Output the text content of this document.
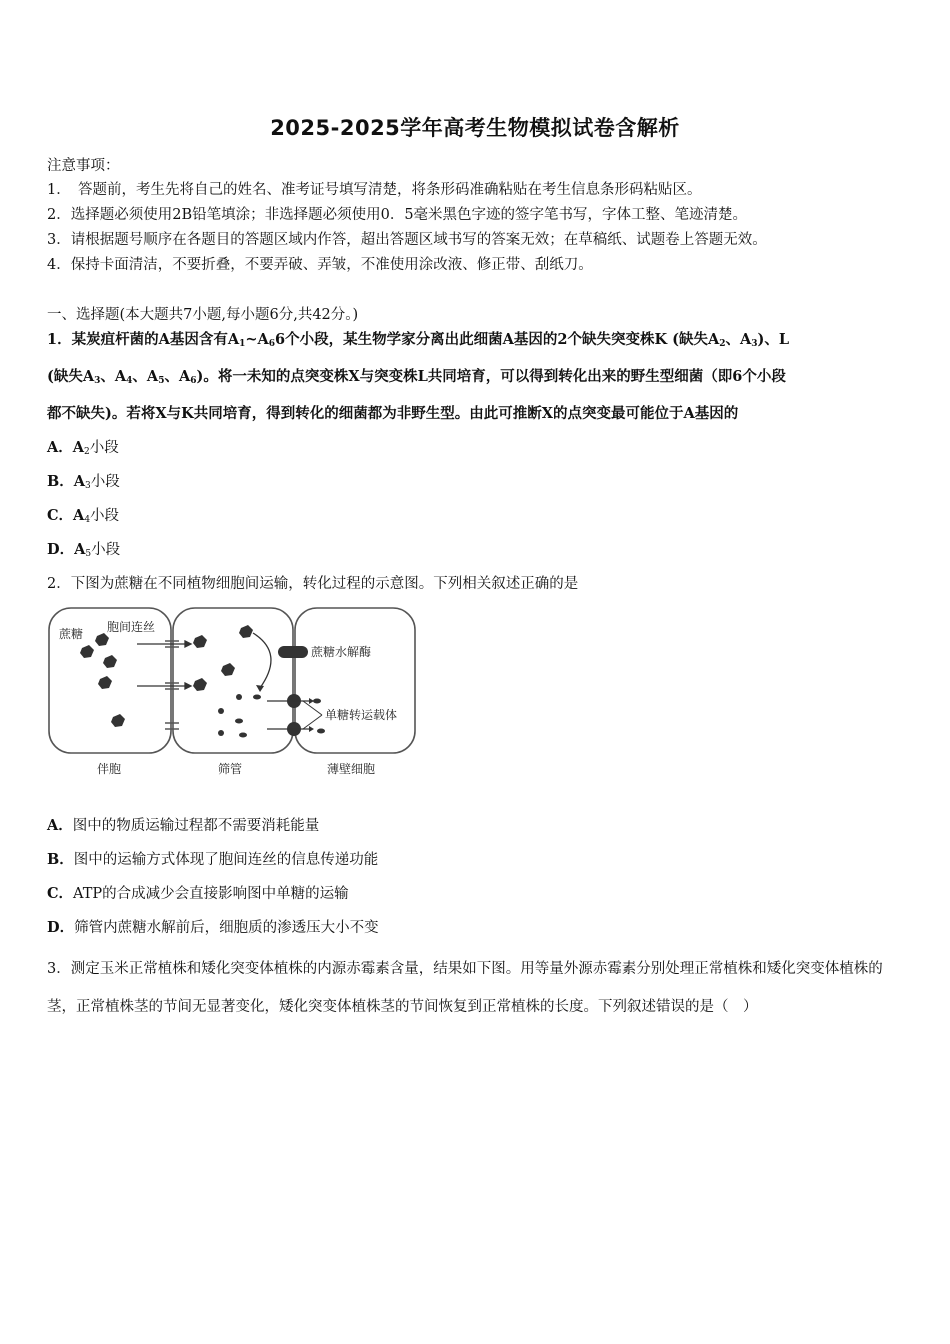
2025-2025学年高考生物模拟试卷含解析
注意事项：
1．　答题前，考生先将自己的姓名、准考证号填写清楚，将条形码准确粘贴在考生信息条形码粘贴区。
2．选择题必须使用2B铅笔填涂；非选择题必须使用0．5毫米黑色字迹的签字笔书写，字体工整、笔迹清楚。
3．请根据题号顺序在各题目的答题区域内作答，超出答题区域书写的答案无效；在草稿纸、试题卷上答题无效。
4．保持卡面清洁，不要折叠，不要弄破、弄皱，不准使用涂改液、修正带、刮纸刀。
一、选择题(本大题共7小题,每小题6分,共42分。)
1．某炭疽杆菌的A基因含有$A_1\sim A_66$个小段，某生物学家分离出此细菌A基因的2个缺失突变株K (缺失$A_2$、$A_3$)、L
(缺失$A_3$、$A_4$、$A_5$、$A_6$)。将一未知的点突变株X与突变株L共同培育，可以得到转化出来的野生型细菌（即6个小段
都不缺失)。若将X与K共同培育，得到转化的细菌都为非野生型。由此可推断X的点突变最可能位于A基因的
A．$A_2$小段
B．$A_3$小段
C．$A_4$小段
D．$A_5$小段
2．下图为蔗糖在不同植物细胞间运输，转化过程的示意图。下列相关叙述正确的是
蔗糖 胞间连丝
蔗糖水解酶
单糖转运载体
伴胞	筛管	薄壁细胞
A．图中的物质运输过程都不需要消耗能量
B．图中的运输方式体现了胞间连丝的信息传递功能
C．ATP的合成减少会直接影响图中单糖的运输
D．筛管内蔗糖水解前后，细胞质的渗透压大小不变
3．测定玉米正常植株和矮化突变体植株的内源赤霉素含量，结果如下图。用等量外源赤霉素分别处理正常植株和矮化突变体植株的茎，正常植株茎的节间无显著变化，矮化突变体植株茎的节间恢复到正常植株的长度。下列叙述错误的是（　）
